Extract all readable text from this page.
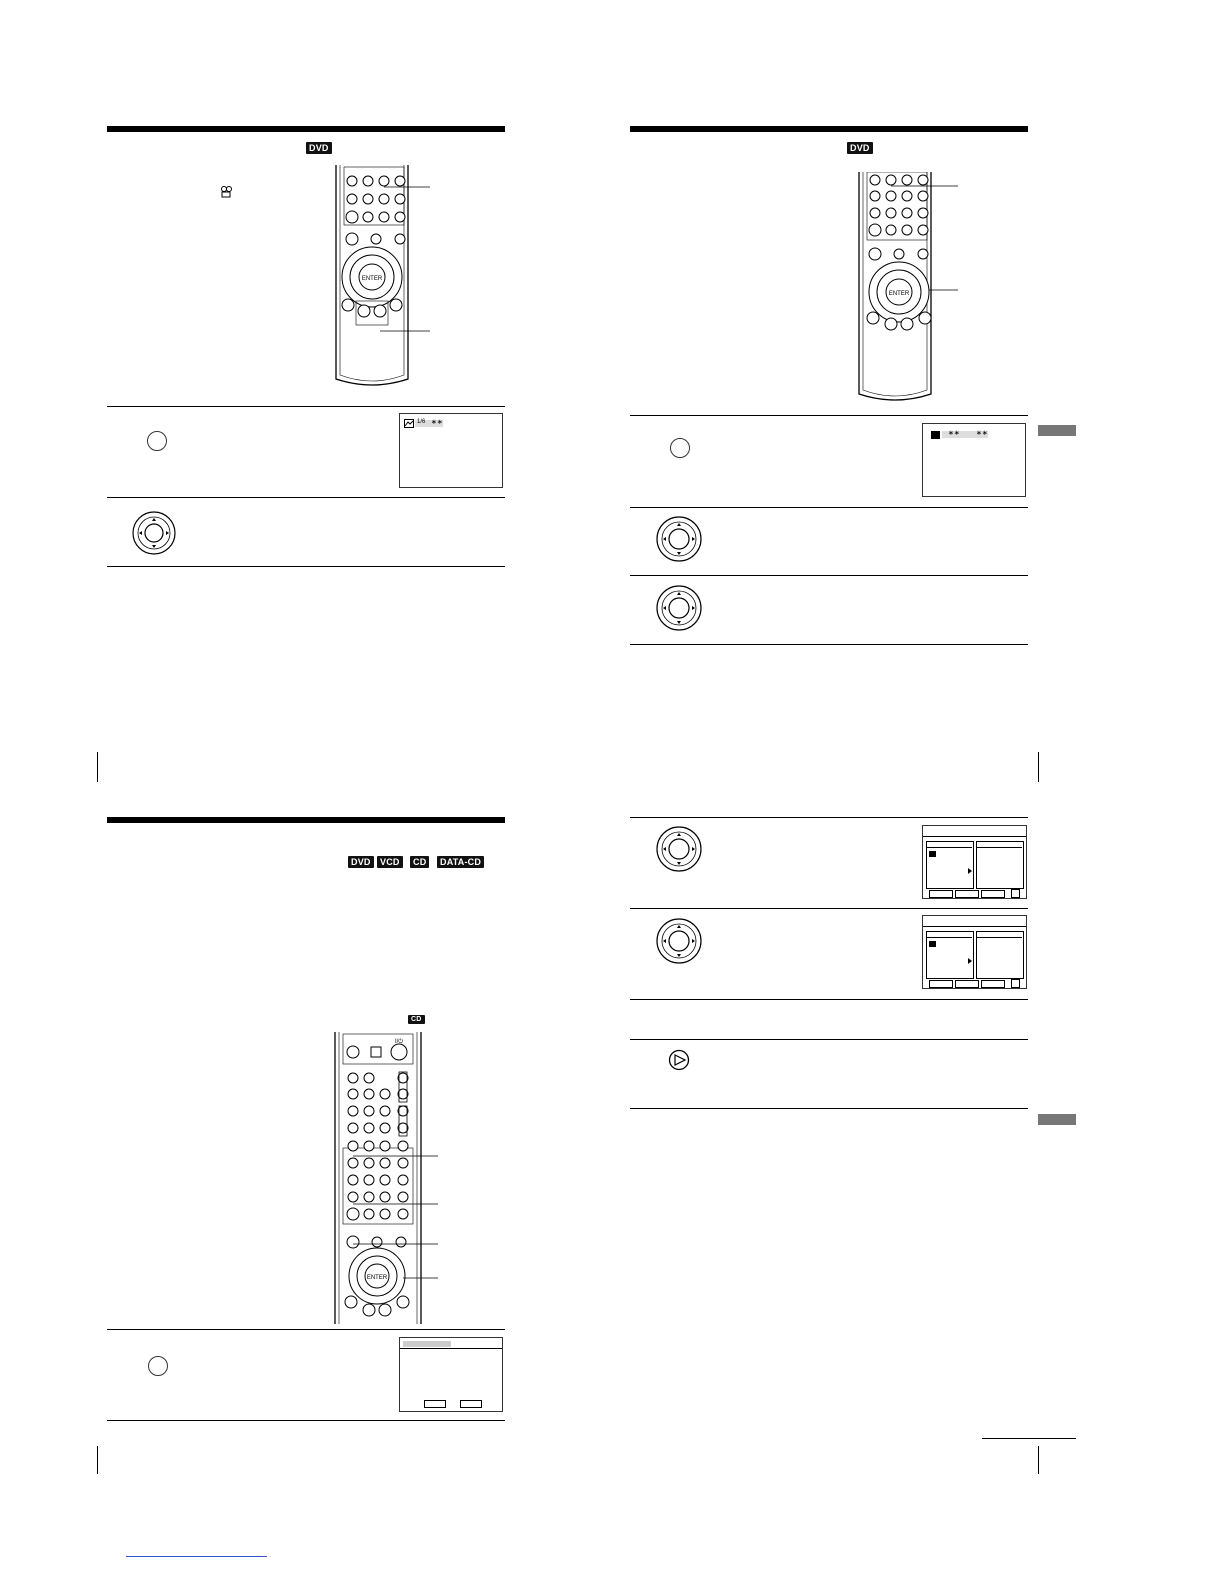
DVD
ENTER
1/6 ∗∗
DVD
ENTER
∗∗ ∗∗
DVD	VCD	CD	DATA-CD
CD
I/⏻
ENTER
